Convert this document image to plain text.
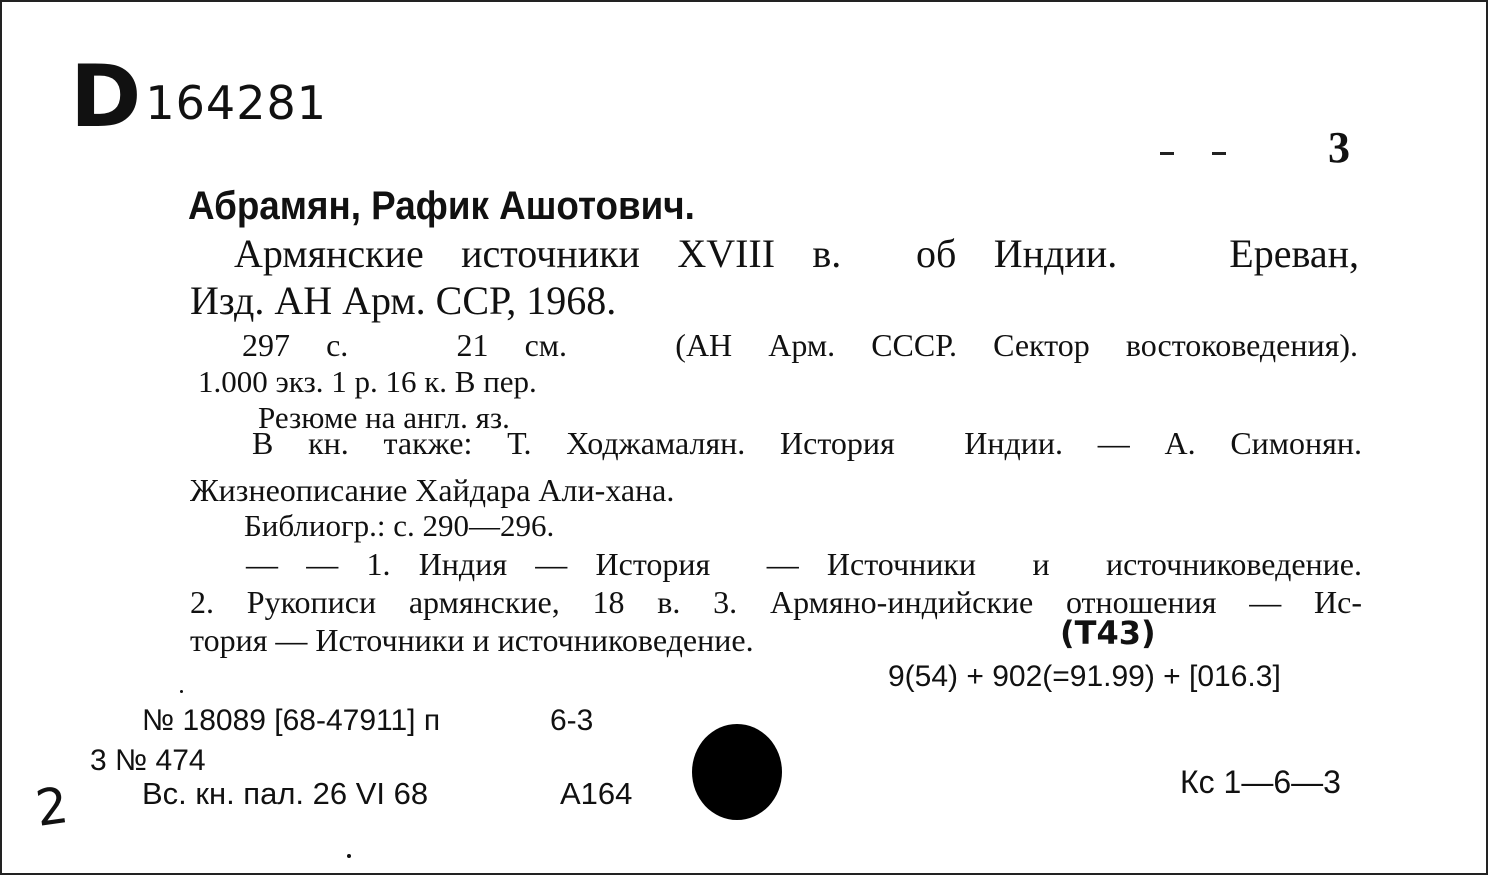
D 164281
3
Абрамян, Рафик Ашотович.
Армянские источники XVIII в.  об Индии.   Ереван,
Изд. АН Арм. ССР, 1968.
297 с.   21 см.   (АН Арм. СССР. Сектор востоковедения).
1.000 экз. 1 р. 16 к. В пер.
Резюме на англ. яз.
В кн. также: Т. Ходжамалян. История  Индии. — А. Симонян.
Жизнеописание Хайдара Али-хана.
Библиогр.: с. 290—296.
— — 1. Индия — История  — Источники  и  источниковедение.
2. Рукописи армянские, 18 в. 3. Армяно-индийские отношения — Ис-
тория — Источники и источниковедение.	(Т43)
9(54) + 902(=91.99) + [016.3]
№ 18089 [68-47911] п	6-3
3 № 474
Вс. кн. пал. 26 VI 68	А164	Кс 1—6—3
2
